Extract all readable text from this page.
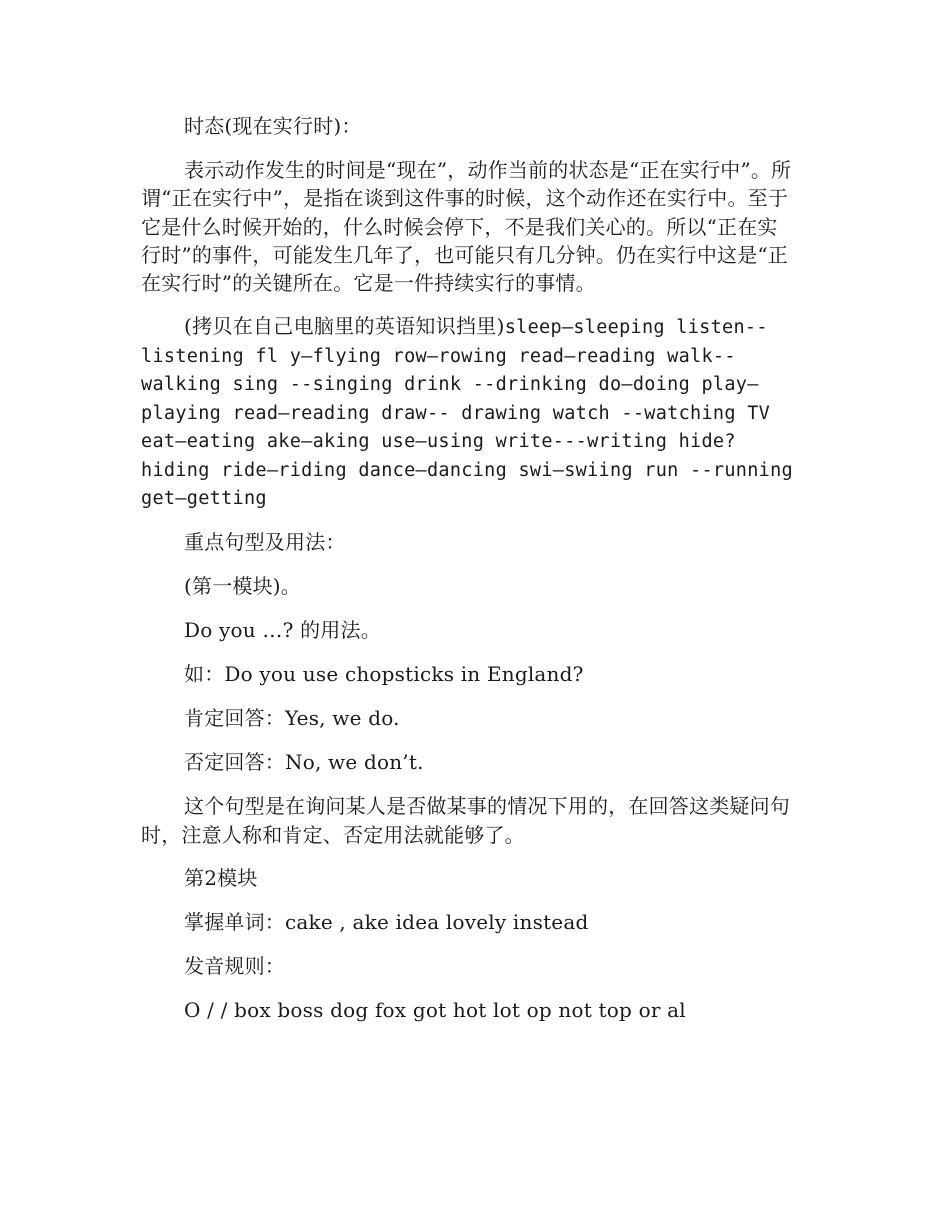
时态(现在实行时)：

表示动作发生的时间是“现在”，动作当前的状态是“正在实行中”。所谓“正在实行中”，是指在谈到这件事的时候，这个动作还在实行中。至于它是什么时候开始的，什么时候会停下，不是我们关心的。所以“正在实行时”的事件，可能发生几年了，也可能只有几分钟。仍在实行中这是“正在实行时”的关键所在。它是一件持续实行的事情。

(拷贝在自己电脑里的英语知识挡里)sleep—sleeping listen--listening fl y—flying row—rowing read—reading walk--walking sing --singing drink --drinking do—doing play—playing read—reading draw-- drawing watch --watching TV eat—eating ake—aking use—using write---writing hide?hiding ride—riding dance—dancing swi—swiing run --running get—getting

重点句型及用法：

(第一模块)。

Do you …? 的用法。

如：Do you use chopsticks in England?

肯定回答：Yes, we do.

否定回答：No, we don’t.

这个句型是在询问某人是否做某事的情况下用的，在回答这类疑问句时，注意人称和肯定、否定用法就能够了。

第2模块

掌握单词：cake , ake idea lovely instead

发音规则：

O / / box boss dog fox got hot lot op not top or al
